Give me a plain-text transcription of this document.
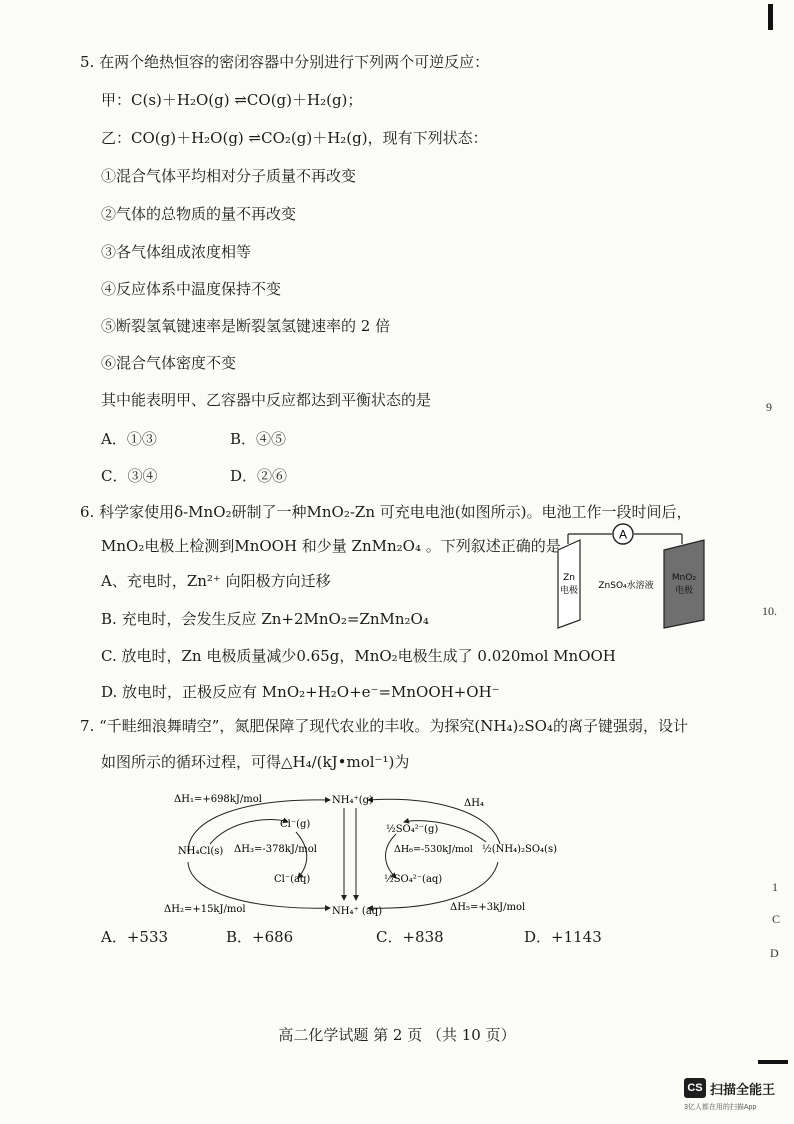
5. 在两个绝热恒容的密闭容器中分别进行下列两个可逆反应：
甲：C(s)＋H₂O(g) ⇌CO(g)＋H₂(g)；
乙：CO(g)＋H₂O(g) ⇌CO₂(g)＋H₂(g)，现有下列状态：
①混合气体平均相对分子质量不再改变
②气体的总物质的量不再改变
③各气体组成浓度相等
④反应体系中温度保持不变
⑤断裂氢氧键速率是断裂氢氢键速率的 2 倍
⑥混合气体密度不变
其中能表明甲、乙容器中反应都达到平衡状态的是
A．①③	B．④⑤
C．③④	D．②⑥
6. 科学家使用δ-MnO₂研制了一种MnO₂-Zn 可充电电池(如图所示)。电池工作一段时间后，
MnO₂电极上检测到MnOOH 和少量 ZnMn₂O₄ 。下列叙述正确的是
A、充电时，Zn²⁺ 向阳极方向迁移
B. 充电时，会发生反应 Zn+2MnO₂=ZnMn₂O₄
C. 放电时，Zn 电极质量减少0.65g，MnO₂电极生成了 0.020mol MnOOH
D. 放电时，正极反应有 MnO₂+H₂O+e⁻=MnOOH+OH⁻
A
Zn
电极 ZnSO₄水溶液
MnO₂
电极
7. “千畦细浪舞晴空”，氮肥保障了现代农业的丰收。为探究(NH₄)₂SO₄的离子键强弱，设计
如图所示的循环过程，可得△H₄/(kJ•mol⁻¹)为
ΔH₁=+698kJ/mol	NH₄⁺(g)	ΔH₄
Cl⁻(g)	½SO₄²⁻(g)
NH₄Cl(s) ΔH₃=-378kJ/mol	ΔH₆=-530kJ/mol ½(NH₄)₂SO₄(s)
Cl⁻(aq)	½SO₄²⁻(aq)
ΔH₂=+15kJ/mol	NH₄⁺ (aq)	ΔH₅=+3kJ/mol
A．+533	B．+686	C．+838	D．+1143
9
10.
1
C
D
高二化学试题 第 2 页 （共 10 页）
CS 扫描全能王
3亿人都在用的扫描App
